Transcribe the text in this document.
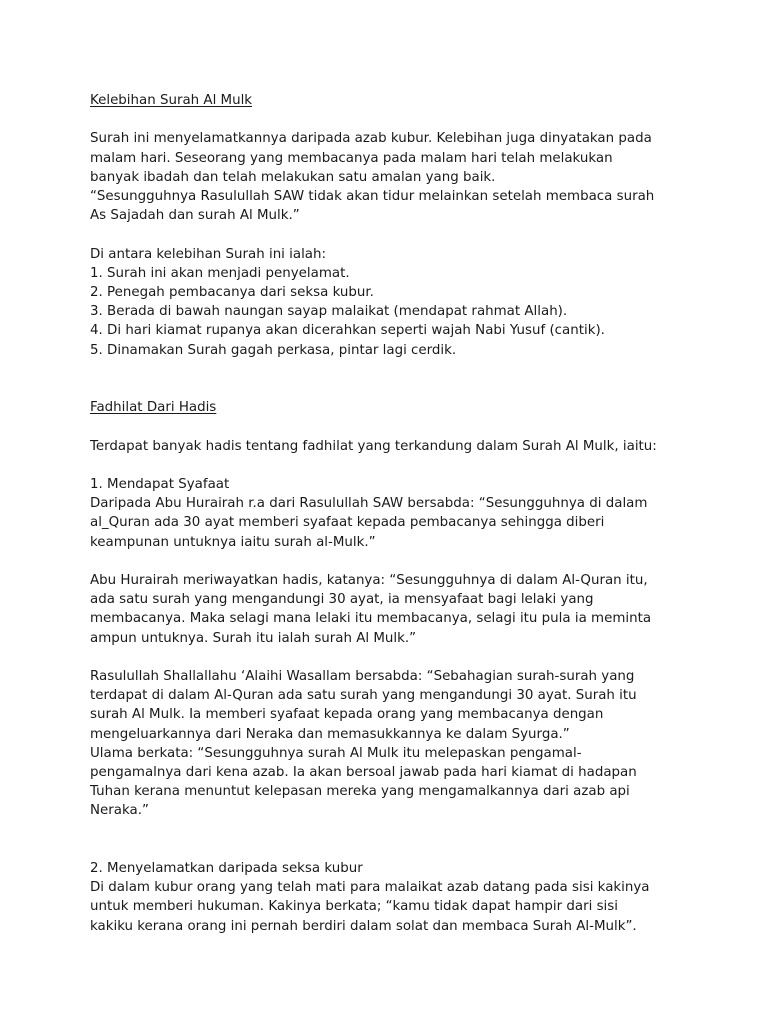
Kelebihan Surah Al Mulk

Surah ini menyelamatkannya daripada azab kubur. Kelebihan juga dinyatakan pada

malam hari. Seseorang yang membacanya pada malam hari telah melakukan

banyak ibadah dan telah melakukan satu amalan yang baik.

“Sesungguhnya Rasulullah SAW tidak akan tidur melainkan setelah membaca surah

As Sajadah dan surah Al Mulk.”

Di antara kelebihan Surah ini ialah:

1. Surah ini akan menjadi penyelamat.

2. Penegah pembacanya dari seksa kubur.

3. Berada di bawah naungan sayap malaikat (mendapat rahmat Allah).

4. Di hari kiamat rupanya akan dicerahkan seperti wajah Nabi Yusuf (cantik).

5. Dinamakan Surah gagah perkasa, pintar lagi cerdik.

Fadhilat Dari Hadis

Terdapat banyak hadis tentang fadhilat yang terkandung dalam Surah Al Mulk, iaitu:

1. Mendapat Syafaat

Daripada Abu Hurairah r.a dari Rasulullah SAW bersabda: “Sesungguhnya di dalam

al_Quran ada 30 ayat memberi syafaat kepada pembacanya sehingga diberi

keampunan untuknya iaitu surah al-Mulk.”

Abu Hurairah meriwayatkan hadis, katanya: “Sesungguhnya di dalam Al-Quran itu,

ada satu surah yang mengandungi 30 ayat, ia mensyafaat bagi lelaki yang

membacanya. Maka selagi mana lelaki itu membacanya, selagi itu pula ia meminta

ampun untuknya. Surah itu ialah surah Al Mulk.”

Rasulullah Shallallahu ‘Alaihi Wasallam bersabda: “Sebahagian surah-surah yang

terdapat di dalam Al-Quran ada satu surah yang mengandungi 30 ayat. Surah itu

surah Al Mulk. Ia memberi syafaat kepada orang yang membacanya dengan

mengeluarkannya dari Neraka dan memasukkannya ke dalam Syurga.”

Ulama berkata: “Sesungguhnya surah Al Mulk itu melepaskan pengamal-

pengamalnya dari kena azab. Ia akan bersoal jawab pada hari kiamat di hadapan

Tuhan kerana menuntut kelepasan mereka yang mengamalkannya dari azab api

Neraka.”

2. Menyelamatkan daripada seksa kubur

Di dalam kubur orang yang telah mati para malaikat azab datang pada sisi kakinya

untuk memberi hukuman. Kakinya berkata; “kamu tidak dapat hampir dari sisi

kakiku kerana orang ini pernah berdiri dalam solat dan membaca Surah Al-Mulk”.
